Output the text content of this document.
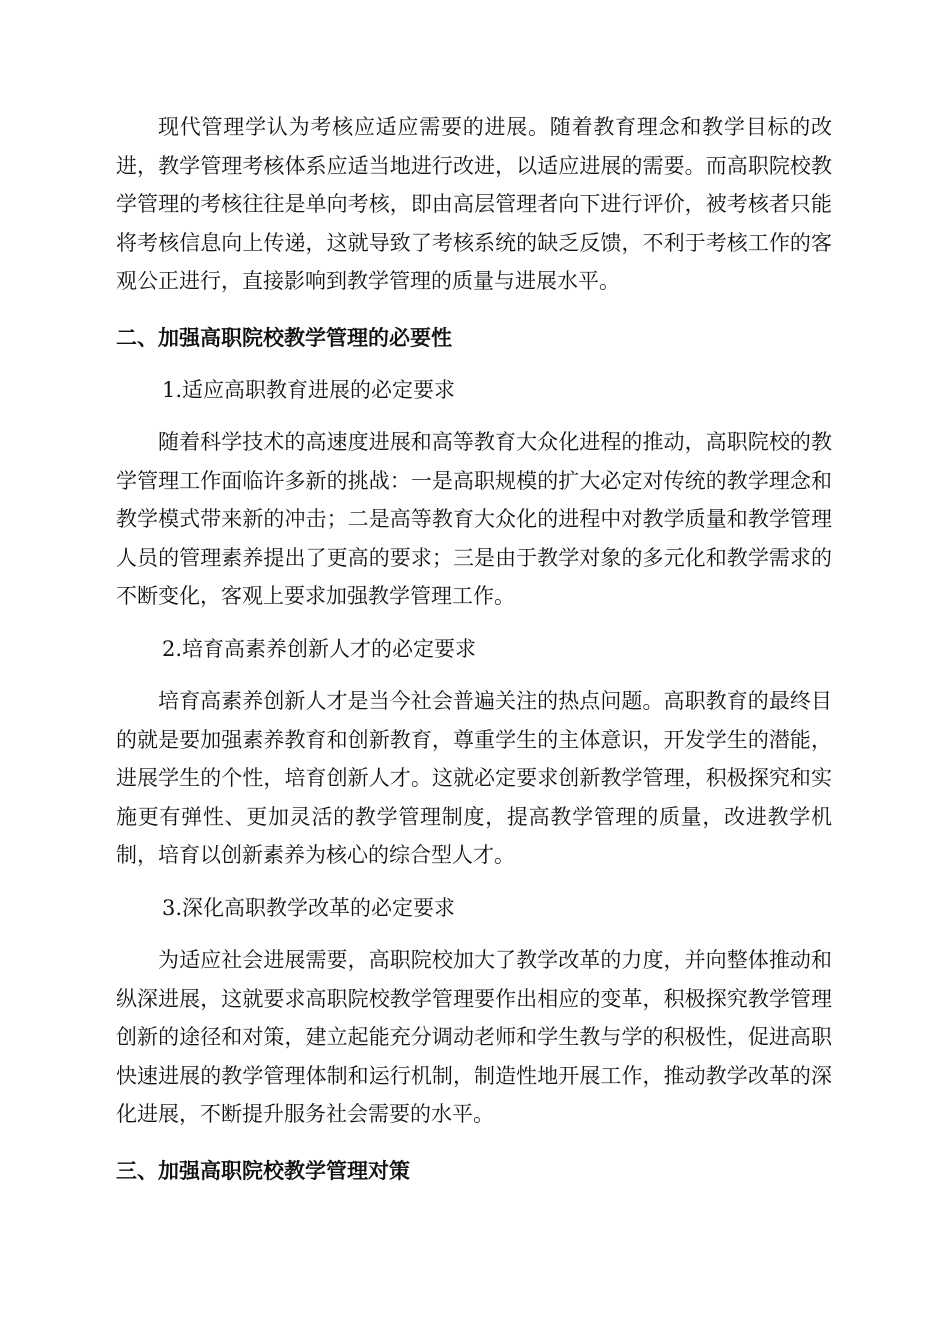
现代管理学认为考核应适应需要的进展。随着教育理念和教学目标的改进，教学管理考核体系应适当地进行改进，以适应进展的需要。而高职院校教学管理的考核往往是单向考核，即由高层管理者向下进行评价，被考核者只能将考核信息向上传递，这就导致了考核系统的缺乏反馈，不利于考核工作的客观公正进行，直接影响到教学管理的质量与进展水平。

二、加强高职院校教学管理的必要性

1.适应高职教育进展的必定要求

随着科学技术的高速度进展和高等教育大众化进程的推动，高职院校的教学管理工作面临许多新的挑战：一是高职规模的扩大必定对传统的教学理念和教学模式带来新的冲击；二是高等教育大众化的进程中对教学质量和教学管理人员的管理素养提出了更高的要求；三是由于教学对象的多元化和教学需求的不断变化，客观上要求加强教学管理工作。

2.培育高素养创新人才的必定要求

培育高素养创新人才是当今社会普遍关注的热点问题。高职教育的最终目的就是要加强素养教育和创新教育，尊重学生的主体意识，开发学生的潜能，进展学生的个性，培育创新人才。这就必定要求创新教学管理，积极探究和实施更有弹性、更加灵活的教学管理制度，提高教学管理的质量，改进教学机制，培育以创新素养为核心的综合型人才。

3.深化高职教学改革的必定要求

为适应社会进展需要，高职院校加大了教学改革的力度，并向整体推动和纵深进展，这就要求高职院校教学管理要作出相应的变革，积极探究教学管理创新的途径和对策，建立起能充分调动老师和学生教与学的积极性，促进高职快速进展的教学管理体制和运行机制，制造性地开展工作，推动教学改革的深化进展，不断提升服务社会需要的水平。

三、加强高职院校教学管理对策
